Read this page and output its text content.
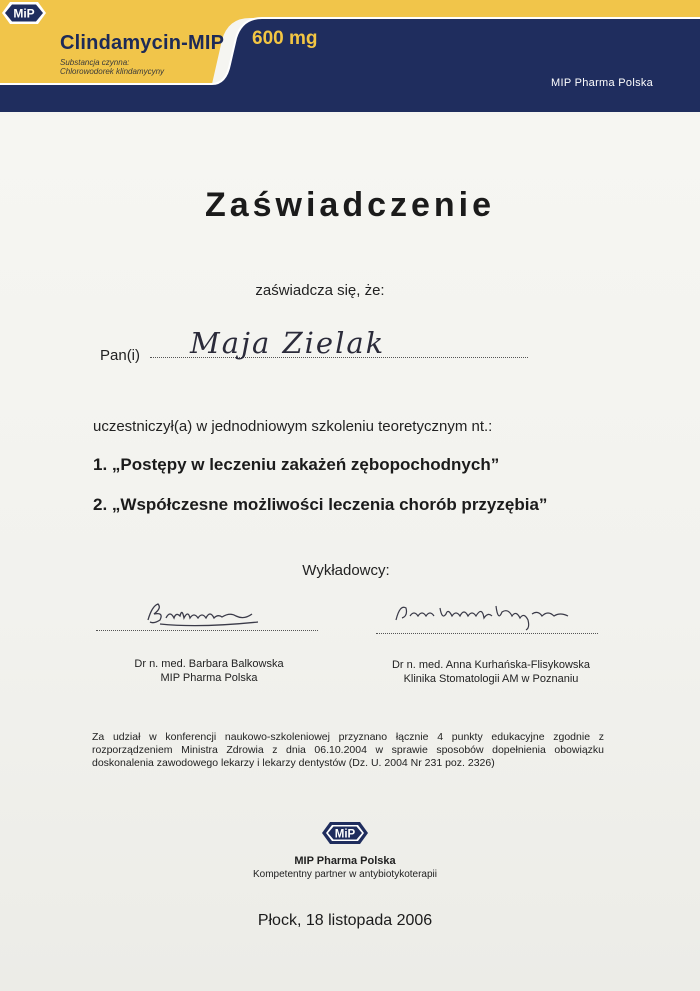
Clindamycin-MIP
Substancja czynna:
Chlorowodorek klindamycyny
600 mg
MiP
MIP Pharma Polska
Zaświadczenie
zaświadcza się, że:
Pan(i) Maja Zielak
uczestniczył(a) w jednodniowym szkoleniu teoretycznym nt.:
1. „Postępy w leczeniu zakażeń zębopochodnych”
2. „Współczesne możliwości leczenia chorób przyzębia”
Wykładowcy:
Dr n. med. Barbara Balkowska
MIP Pharma Polska
Dr n. med. Anna Kurhańska-Flisykowska
Klinika Stomatologii AM w Poznaniu
Za udział w konferencji naukowo-szkoleniowej przyznano łącznie 4 punkty edukacyjne zgodnie z rozporządzeniem Ministra Zdrowia z dnia 06.10.2004 w sprawie sposobów dopełnienia obowiązku doskonalenia zawodowego lekarzy i lekarzy dentystów (Dz. U. 2004 Nr 231 poz. 2326)
MiP
MIP Pharma Polska
Kompetentny partner w antybiotykoterapii
Płock, 18 listopada 2006
